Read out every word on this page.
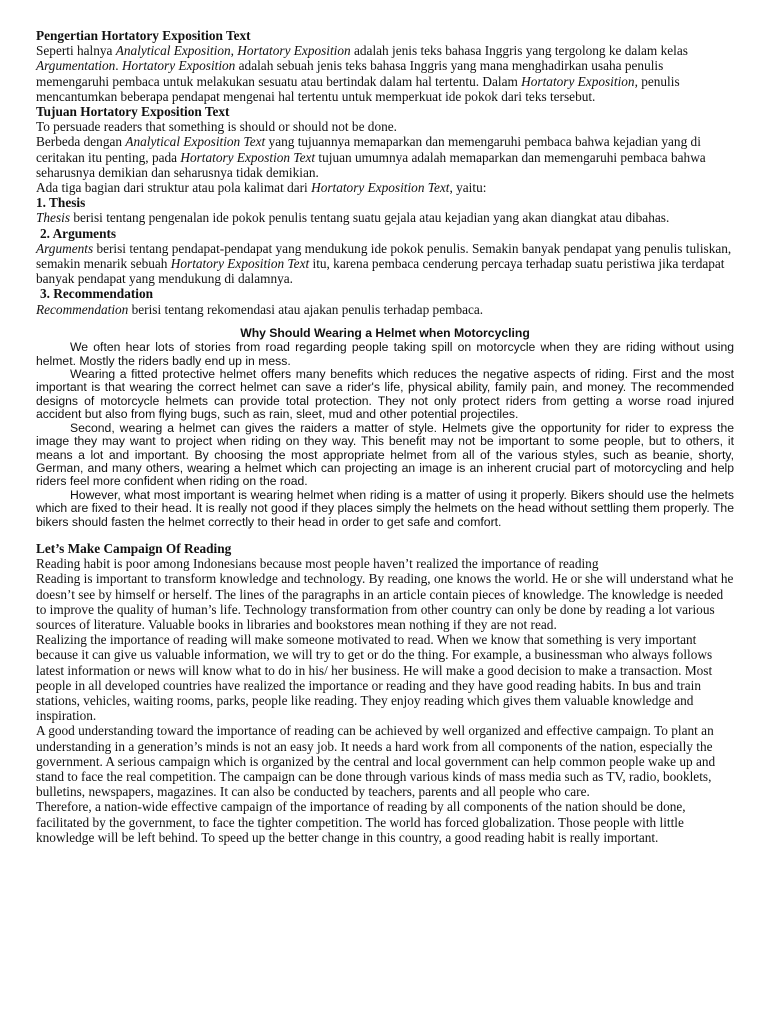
Pengertian Hortatory Exposition Text

Seperti halnya Analytical Exposition, Hortatory Exposition adalah jenis teks bahasa Inggris yang tergolong ke dalam kelas Argumentation. Hortatory Exposition adalah sebuah jenis teks bahasa Inggris yang mana menghadirkan usaha penulis memengaruhi pembaca untuk melakukan sesuatu atau bertindak dalam hal tertentu. Dalam Hortatory Exposition, penulis mencantumkan beberapa pendapat mengenai hal tertentu untuk memperkuat ide pokok dari teks tersebut.

Tujuan Hortatory Exposition Text

To persuade readers that something is should or should not be done.

Berbeda dengan Analytical Exposition Text yang tujuannya memaparkan dan memengaruhi pembaca bahwa kejadian yang di ceritakan itu penting, pada Hortatory Expostion Text tujuan umumnya adalah memaparkan dan memengaruhi pembaca bahwa seharusnya demikian dan seharusnya tidak demikian.

Ada tiga bagian dari struktur atau pola kalimat dari Hortatory Exposition Text, yaitu:

1. Thesis

Thesis berisi tentang pengenalan ide pokok penulis tentang suatu gejala atau kejadian yang akan diangkat atau dibahas.

2. Arguments

Arguments berisi tentang pendapat-pendapat yang mendukung ide pokok penulis. Semakin banyak pendapat yang penulis tuliskan, semakin menarik sebuah Hortatory Exposition Text itu, karena pembaca cenderung percaya terhadap suatu peristiwa jika terdapat banyak pendapat yang mendukung di dalamnya.

3. Recommendation

Recommendation berisi tentang rekomendasi atau ajakan penulis terhadap pembaca.

Why Should Wearing a Helmet when Motorcycling

We often hear lots of stories from road regarding people taking spill on motorcycle when they are riding without using helmet. Mostly the riders badly end up in mess.

Wearing a fitted protective helmet offers many benefits which reduces the negative aspects of riding. First and the most important is that wearing the correct helmet can save a rider's life, physical ability, family pain, and money. The recommended designs of motorcycle helmets can provide total protection. They not only protect riders from getting a worse road injured accident but also from flying bugs, such as rain, sleet, mud and other potential projectiles.

Second, wearing a helmet can gives the raiders a matter of style. Helmets give the opportunity for rider to express the image they may want to project when riding on they way. This benefit may not be important to some people, but to others, it means a lot and important. By choosing the most appropriate helmet from all of the various styles, such as beanie, shorty, German, and many others, wearing a helmet which can projecting an image is an inherent crucial part of motorcycling and help riders feel more confident when riding on the road.

However, what most important is wearing helmet when riding is a matter of using it properly. Bikers should use the helmets which are fixed to their head. It is really not good if they places simply the helmets on the head without settling them properly. The bikers should fasten the helmet correctly to their head in order to get safe and comfort.

Let’s Make Campaign Of Reading

Reading habit is poor among Indonesians because most people haven’t realized the importance of reading

Reading is important to transform knowledge and technology. By reading, one knows the world. He or she will understand what he doesn’t see by himself or herself. The lines of the paragraphs in an article contain pieces of knowledge. The knowledge is needed to improve the quality of human’s life. Technology transformation from other country can only be done by reading a lot various sources of literature. Valuable books in libraries and bookstores mean nothing if they are not read.

Realizing the importance of reading will make someone motivated to read. When we know that something is very important because it can give us valuable information, we will try to get or do the thing. For example, a businessman who always follows latest information or news will know what to do in his/ her business. He will make a good decision to make a transaction. Most people in all developed countries have realized the importance or reading and they have good reading habits. In bus and train stations, vehicles, waiting rooms, parks, people like reading. They enjoy reading which gives them valuable knowledge and inspiration.

A good understanding toward the importance of reading can be achieved by well organized and effective campaign. To plant an understanding in a generation’s minds is not an easy job. It needs a hard work from all components of the nation, especially the government. A serious campaign which is organized by the central and local government can help common people wake up and stand to face the real competition. The campaign can be done through various kinds of mass media such as TV, radio, booklets, bulletins, newspapers, magazines. It can also be conducted by teachers, parents and all people who care.

Therefore, a nation-wide effective campaign of the importance of reading by all components of the nation should be done, facilitated by the government, to face the tighter competition. The world has forced globalization. Those people with little knowledge will be left behind. To speed up the better change in this country, a good reading habit is really important.
